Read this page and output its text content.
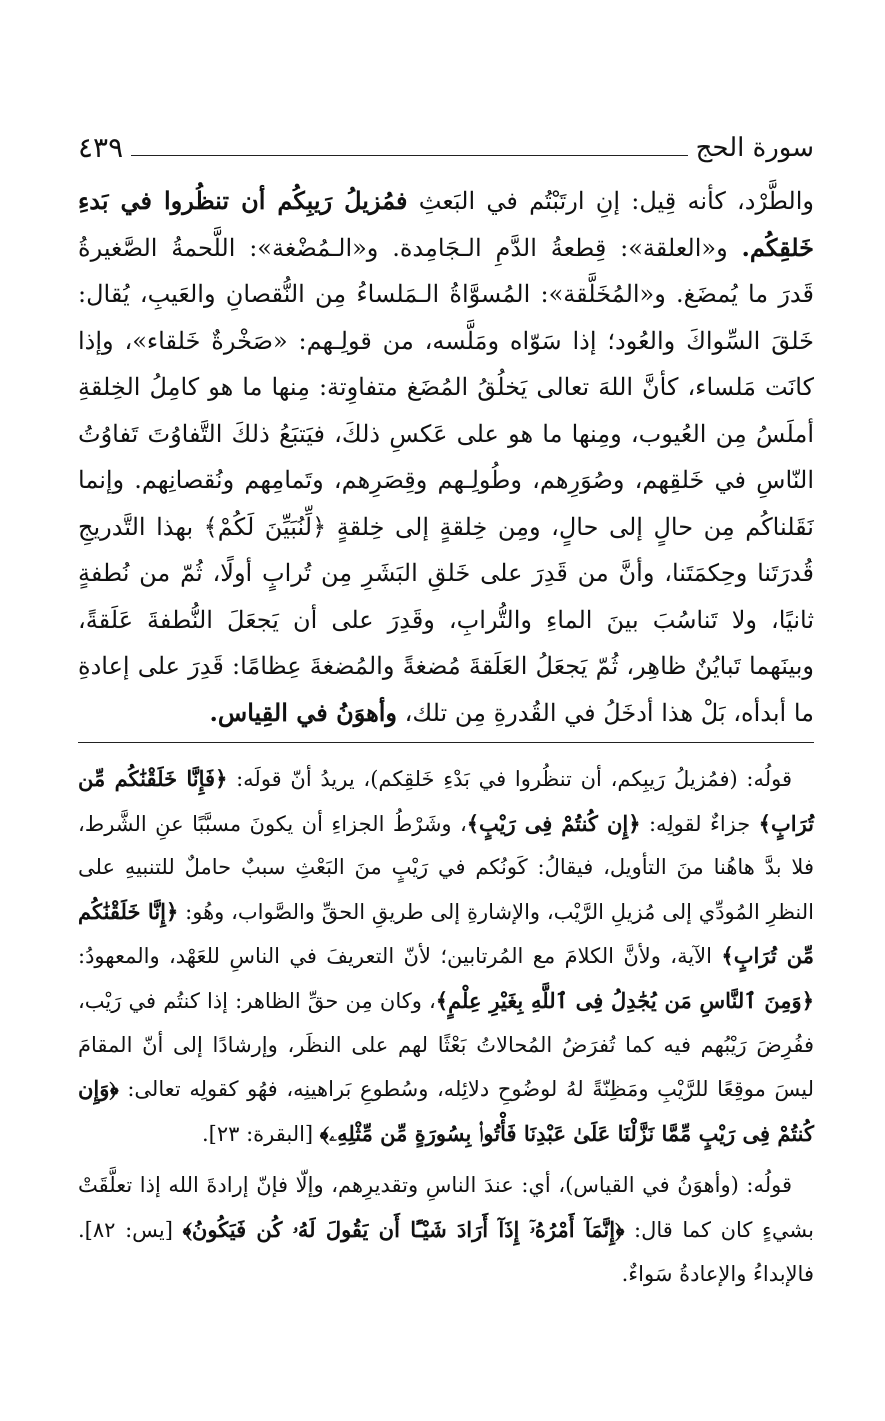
سورة الحج
٤٣٩
والطَّرْد، كأنه قِيل: إنِ ارتَبْتُم في البَعثِ فمُزيلُ رَيبِكُم أن تنظُروا في بَدءِ خَلقِكُم. و«العلقة»: قِطعةُ الدَّمِ الـجَامِدة. و«الـمُضْغة»: اللَّحمةُ الصَّغيرةُ قَدرَ ما يُمضَغ. و«المُخَلَّقة»: المُسوَّاةُ الـمَلساءُ مِن النُّقصانِ والعَيبِ، يُقال: خَلقَ السِّواكَ والعُود؛ إذا سَوّاه ومَلَّسه، من قولِـهم: «صَخْرةٌ خَلقاء»، وإذا كانَت مَلساء، كأنَّ اللهَ تعالى يَخلُقُ المُضَغ متفاوِتة: مِنها ما هو كامِلُ الخِلقةِ أملَسُ مِن العُيوب، ومِنها ما هو على عَكسِ ذلكَ، فيَتبَعُ ذلكَ التَّفاوُتَ تَفاوُتُ النّاسِ في خَلقِهم، وصُوَرِهم، وطُولِـهم وقِصَرِهم، وتَمامِهم ونُقصانِهم. وإنما نَقَلناكُم مِن حالٍ إلى حالٍ، ومِن خِلقةٍ إلى خِلقةٍ ﴿لِّنُبَيِّنَ لَكُمْ﴾ بهذا التَّدريجِ قُدرَتَنا وحِكمَتَنا، وأنَّ من قَدِرَ على خَلقِ البَشَرِ مِن تُرابٍ أولًا، ثُمّ من نُطفةٍ ثانيًا، ولا تَناسُبَ بينَ الماءِ والتُّرابِ، وقَدِرَ على أن يَجعَلَ النُّطفةَ عَلَقةً، وبينَهما تَبايُنٌ ظاهِر، ثُمّ يَجعَلُ العَلَقةَ مُضغةً والمُضغةَ عِظامًا: قَدِرَ على إعادةِ ما أبدأه، بَلْ هذا أدخَلُ في القُدرةِ مِن تلك، وأهوَنُ في القِياس.

قولُه: (فمُزيلُ رَيبِكم، أن تنظُروا في بَدْءِ خَلقِكم)، يريدُ أنّ قولَه: ﴿فَإِنَّا خَلَقْنَٰكُم مِّن تُرَابٍ﴾ جزاءٌ لقولِه: ﴿إِن كُنتُمْ فِى رَيْبٍ﴾، وشَرْطُ الجزاءِ أن يكونَ مسبَّبًا عنِ الشَّرط، فلا بدَّ هاهُنا منَ التأويل، فيقالُ: كَونُكم في رَيْبٍ منَ البَعْثِ سببٌ حاملٌ للتنبيهِ على النظرِ المُودِّي إلى مُزيلِ الرَّيْب، والإشارةِ إلى طريقِ الحقِّ والصَّواب، وهُو: ﴿إِنَّا خَلَقْنَٰكُم مِّن تُرَابٍ﴾ الآية، ولأنَّ الكلامَ مع المُرتابين؛ لأنّ التعريفَ في الناسِ للعَهْد، والمعهودُ: ﴿وَمِنَ ٱلنَّاسِ مَن يُجَٰدِلُ فِى ٱللَّهِ بِغَيْرِ عِلْمٍ﴾، وكان مِن حقِّ الظاهر: إذا كنتُم في رَيْب، ففُرِضَ رَيْبُهم فيه كما تُفرَضُ المُحالاتُ بَعْثًا لهم على النظَر، وإرشادًا إلى أنّ المقامَ ليسَ موقِعًا للرَّيْبِ ومَظِنّةً لهُ لوضُوحِ دلائِله، وسُطوعِ بَراهينِه، فهُو كقولِه تعالى: ﴿وَإِن كُنتُمْ فِى رَيْبٍ مِّمَّا نَزَّلْنَا عَلَىٰ عَبْدِنَا فَأْتُوا۟ بِسُورَةٍ مِّن مِّثْلِهِۦ﴾ [البقرة: ٢٣].

قولُه: (وأهوَنُ في القياس)، أي: عندَ الناسِ وتقديرِهم، وإلّا فإنّ إرادةَ الله إذا تعلَّقَتْ بشيءٍ كان كما قال: ﴿إِنَّمَآ أَمْرُهُۥٓ إِذَآ أَرَادَ شَيْـًٔا أَن يَقُولَ لَهُۥ كُن فَيَكُونُ﴾ [يس: ٨٢]. فالإبداءُ والإعادةُ سَواءٌ.
